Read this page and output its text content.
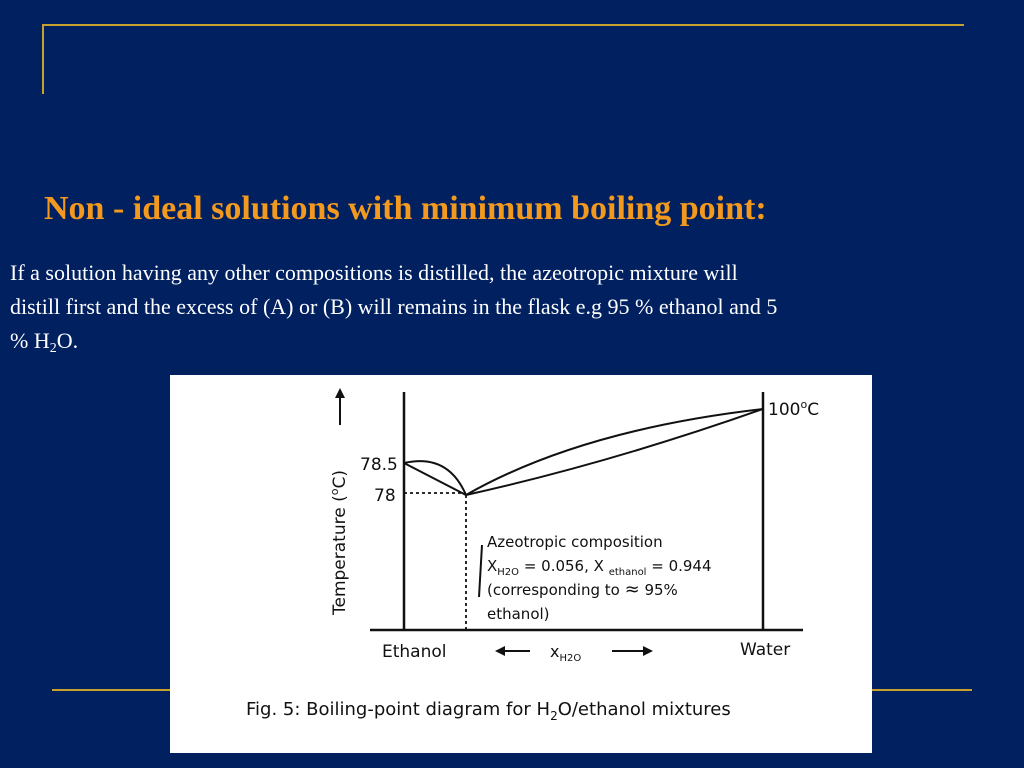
Non - ideal solutions with minimum boiling point:
If a solution having any other compositions is distilled, the azeotropic mixture will
distill first and the excess of (A) or (B) will remains in the flask e.g 95 % ethanol and 5
% $H_2O$.
Temperature ($^o$C)
78.5
78
100$^o$C
Azeotropic composition
$X_{H2O} = 0.056$, X $_{ethanol}$ = 0.944
(corresponding to ≈ 95%
ethanol)
Ethanol	Water
$x_{H2O}$
Fig. 5: Boiling-point diagram for $H_2O$/ethanol mixtures
